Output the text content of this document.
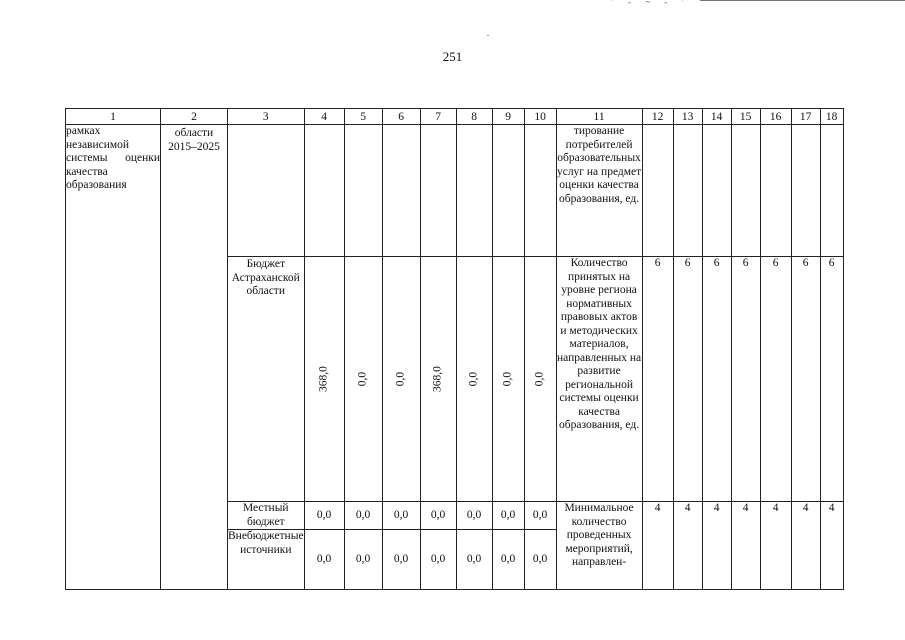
' - ~ - '
251
1	2	3	4	5	6	7	8	9	10	11	12	13	14	15	16	17	18
рамках независимой системы оценки качества образования	области 2015–2025									тирование потребителей образовательных услуг на предмет оценки качества образования, ед.							
		Бюджет Астраханской области	368,0	0,0	0,0	368,0	0,0	0,0	0,0	Количество принятых на уровне региона нормативных правовых актов и методических материалов, направленных на развитие региональной системы оценки качества образования, ед.	6	6	6	6	6	6	6
		Местный бюджет	0,0	0,0	0,0	0,0	0,0	0,0	0,0	Минимальное количество проведенных мероприятий, направлен-	4	4	4	4	4	4	4
		Внебюджетные источники	0,0	0,0	0,0	0,0	0,0	0,0	0,0								
